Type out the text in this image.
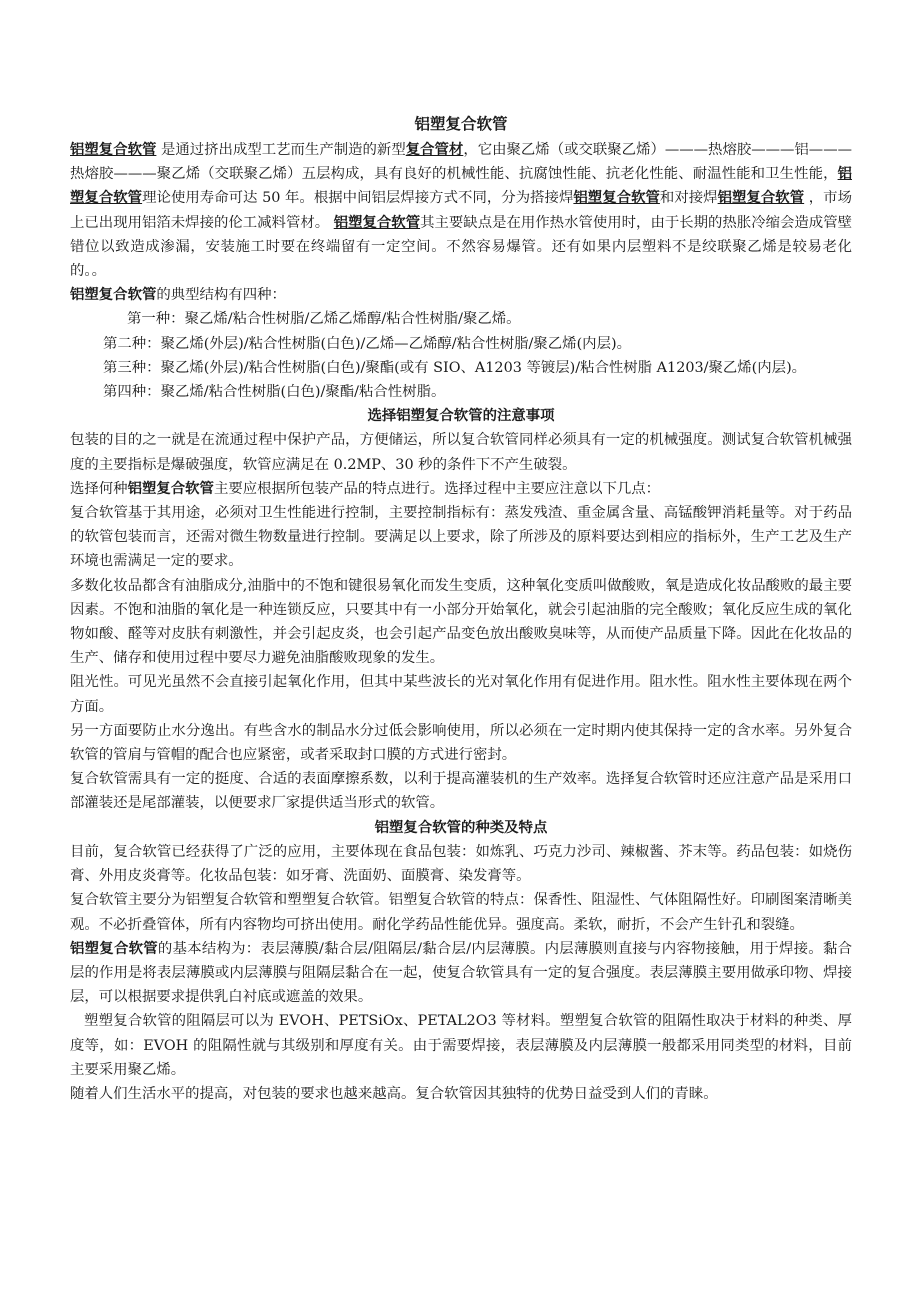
铝塑复合软管

铝塑复合软管 是通过挤出成型工艺而生产制造的新型复合管材，它由聚乙烯（或交联聚乙烯）———热熔胶———铝———热熔胶———聚乙烯（交联聚乙烯）五层构成，具有良好的机械性能、抗腐蚀性能、抗老化性能、耐温性能和卫生性能，铝塑复合软管理论使用寿命可达 50 年。根据中间铝层焊接方式不同，分为搭接焊铝塑复合软管和对接焊铝塑复合软管 ，市场上已出现用铝箔未焊接的伦工减料管材。 铝塑复合软管其主要缺点是在用作热水管使用时，由于长期的热胀冷缩会造成管壁错位以致造成渗漏，安装施工时要在终端留有一定空间。不然容易爆管。还有如果内层塑料不是绞联聚乙烯是较易老化的。。

铝塑复合软管的典型结构有四种：

第一种：聚乙烯/粘合性树脂/乙烯乙烯醇/粘合性树脂/聚乙烯。

第二种：聚乙烯(外层)/粘合性树脂(白色)/乙烯—乙烯醇/粘合性树脂/聚乙烯(内层)。

第三种：聚乙烯(外层)/粘合性树脂(白色)/聚酯(或有 SIO、A1203 等镀层)/粘合性树脂 A1203/聚乙烯(内层)。

第四种：聚乙烯/粘合性树脂(白色)/聚酯/粘合性树脂。

选择铝塑复合软管的注意事项

包装的目的之一就是在流通过程中保护产品，方便储运，所以复合软管同样必须具有一定的机械强度。测试复合软管机械强度的主要指标是爆破强度，软管应满足在 0.2MP、30 秒的条件下不产生破裂。

选择何种铝塑复合软管主要应根据所包装产品的特点进行。选择过程中主要应注意以下几点：

复合软管基于其用途，必须对卫生性能进行控制，主要控制指标有：蒸发残渣、重金属含量、高锰酸钾消耗量等。对于药品的软管包装而言，还需对微生物数量进行控制。要满足以上要求，除了所涉及的原料要达到相应的指标外，生产工艺及生产环境也需满足一定的要求。

多数化妆品都含有油脂成分,油脂中的不饱和键很易氧化而发生变质，这种氧化变质叫做酸败，氧是造成化妆品酸败的最主要因素。不饱和油脂的氧化是一种连锁反应，只要其中有一小部分开始氧化，就会引起油脂的完全酸败；氧化反应生成的氧化物如酸、醛等对皮肤有刺激性，并会引起皮炎，也会引起产品变色放出酸败臭味等，从而使产品质量下降。因此在化妆品的生产、储存和使用过程中要尽力避免油脂酸败现象的发生。

阻光性。可见光虽然不会直接引起氧化作用，但其中某些波长的光对氧化作用有促进作用。阻水性。阻水性主要体现在两个方面。

另一方面要防止水分逸出。有些含水的制品水分过低会影响使用，所以必须在一定时期内使其保持一定的含水率。另外复合软管的管肩与管帽的配合也应紧密，或者采取封口膜的方式进行密封。

复合软管需具有一定的挺度、合适的表面摩擦系数，以利于提高灌装机的生产效率。选择复合软管时还应注意产品是采用口部灌装还是尾部灌装，以便要求厂家提供适当形式的软管。

铝塑复合软管的种类及特点

目前，复合软管已经获得了广泛的应用，主要体现在食品包装：如炼乳、巧克力沙司、辣椒酱、芥末等。药品包装：如烧伤膏、外用皮炎膏等。化妆品包装：如牙膏、洗面奶、面膜膏、染发膏等。

复合软管主要分为铝塑复合软管和塑塑复合软管。铝塑复合软管的特点：保香性、阻湿性、气体阻隔性好。印刷图案清晰美观。不必折叠管体，所有内容物均可挤出使用。耐化学药品性能优异。强度高。柔软，耐折，不会产生针孔和裂缝。

铝塑复合软管的基本结构为：表层薄膜/黏合层/阻隔层/黏合层/内层薄膜。内层薄膜则直接与内容物接触，用于焊接。黏合层的作用是将表层薄膜或内层薄膜与阻隔层黏合在一起，使复合软管具有一定的复合强度。表层薄膜主要用做承印物、焊接层，可以根据要求提供乳白衬底或遮盖的效果。

塑塑复合软管的阻隔层可以为 EVOH、PETSiOx、PETAL2O3 等材料。塑塑复合软管的阻隔性取决于材料的种类、厚度等，如：EVOH 的阻隔性就与其级别和厚度有关。由于需要焊接，表层薄膜及内层薄膜一般都采用同类型的材料，目前主要采用聚乙烯。

随着人们生活水平的提高，对包装的要求也越来越高。复合软管因其独特的优势日益受到人们的青睐。
